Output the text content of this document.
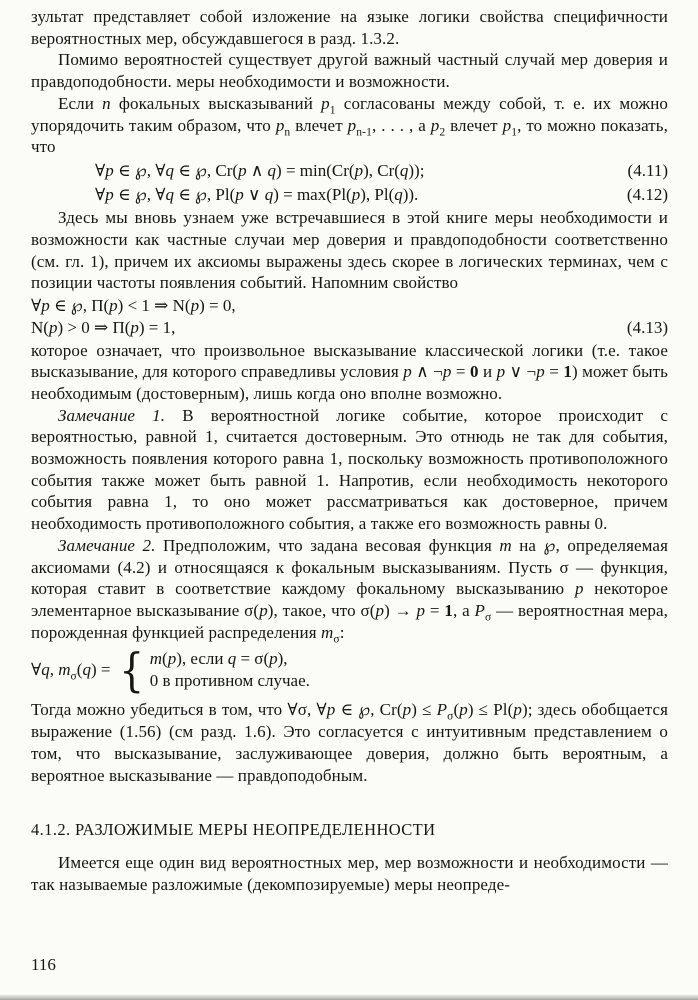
зультат представляет собой изложение на языке логики свойства специфичности вероятностных мер, обсуждавшегося в разд. 1.3.2.

Помимо вероятностей существует другой важный частный случай мер доверия и правдоподобности. меры необходимости и возможности.

Если n фокальных высказываний $p_1$ согласованы между собой, т. е. их можно упорядочить таким образом, что $p_n$ влечет $p_{n-1}$, . . . , а $p_2$ влечет $p_1$, то можно показать, что

∀p ∈ ℘, ∀q ∈ ℘, Cr(p ∧ q) = min(Cr(p), Cr(q));	(4.11)
∀p ∈ ℘, ∀q ∈ ℘, Pl(p ∨ q) = max(Pl(p), Pl(q)).	(4.12)

Здесь мы вновь узнаем уже встречавшиеся в этой книге меры необходимости и возможности как частные случаи мер доверия и правдоподобности соответственно (см. гл. 1), причем их аксиомы выражены здесь скорее в логических терминах, чем с позиции частоты появления событий. Напомним свойство

∀p ∈ ℘, П(p) < 1 ⇒ N(p) = 0,
N(p) > 0 ⇒ П(p) = 1,	(4.13)

которое означает, что произвольное высказывание классической логики (т.е. такое высказывание, для которого справедливы условия p ∧ ¬p = 0 и p ∨ ¬p = 1) может быть необходимым (достоверным), лишь когда оно вполне возможно.

Замечание 1. В вероятностной логике событие, которое происходит с вероятностью, равной 1, считается достоверным. Это отнюдь не так для события, возможность появления которого равна 1, поскольку возможность противоположного события также может быть равной 1. Напротив, если необходимость некоторого события равна 1, то оно может рассматриваться как достоверное, причем необходимость противоположного события, а также его возможность равны 0.

Замечание 2. Предположим, что задана весовая функция m на ℘, определяемая аксиомами (4.2) и относящаяся к фокальным высказываниям. Пусть σ — функция, которая ставит в соответствие каждому фокальному высказыванию p некоторое элементарное высказывание σ(p), такое, что σ(p) → p = 1, а $P_\sigma$ — вероятностная мера, порожденная функцией распределения $m_\sigma$:

∀q, $m_\sigma(q)$ = { m(p), если q = σ(p),
0 в противном случае.

Тогда можно убедиться в том, что ∀σ, ∀p ∈ ℘, $Cr(p) \le P_\sigma(p) \le Pl(p)$; здесь обобщается выражение (1.56) (см разд. 1.6). Это согласуется с интуитивным представлением о том, что высказывание, заслуживающее доверия, должно быть вероятным, а вероятное высказывание — правдоподобным.

4.1.2. РАЗЛОЖИМЫЕ МЕРЫ НЕОПРЕДЕЛЕННОСТИ

Имеется еще один вид вероятностных мер, мер возможности и необходимости — так называемые разложимые (декомпозируемые) меры неопреде-

116
